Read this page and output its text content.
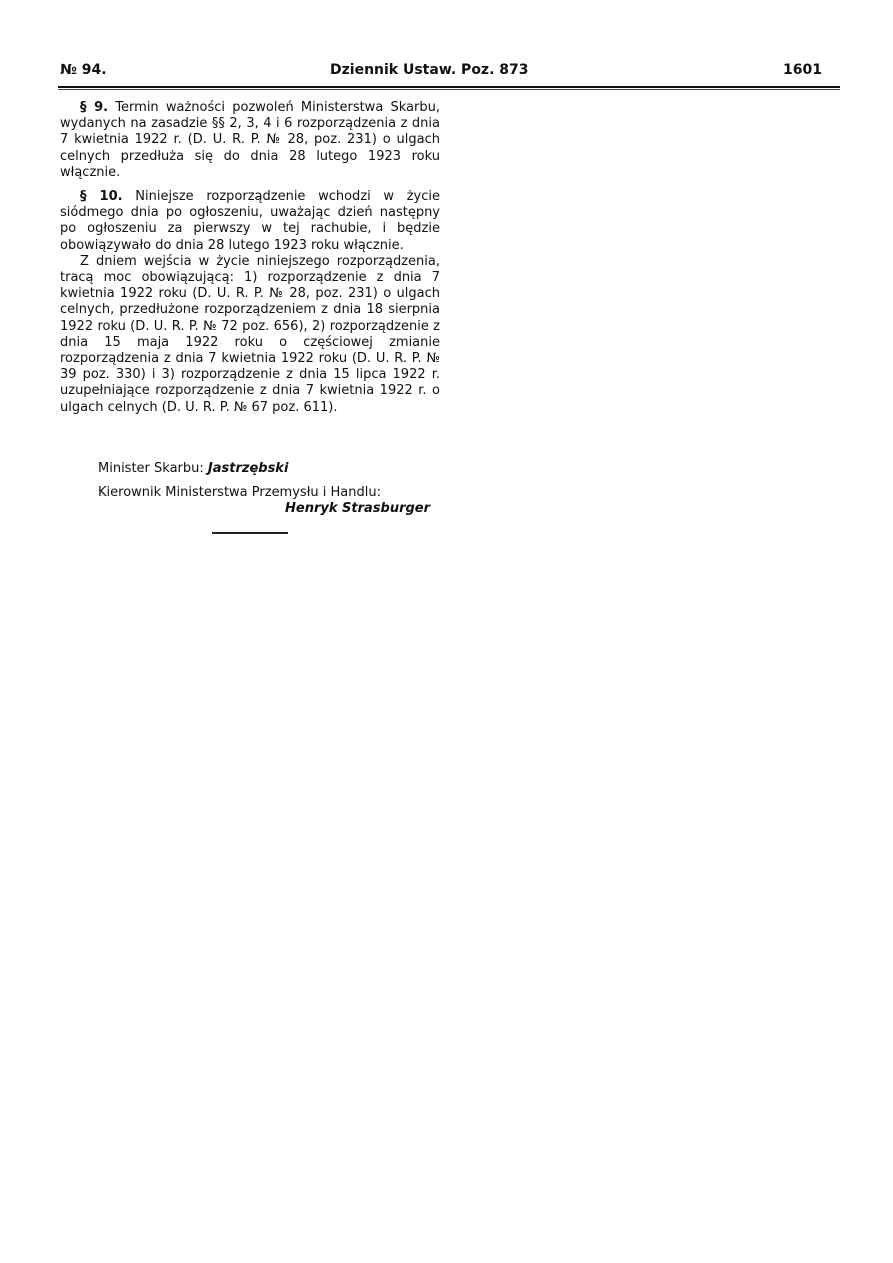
№ 94.	Dziennik Ustaw. Poz. 873	1601

§ 9. Termin ważności pozwoleń Ministerstwa Skarbu, wydanych na zasadzie §§ 2, 3, 4 i 6 rozporządzenia z dnia 7 kwietnia 1922 r. (D. U. R. P. № 28, poz. 231) o ulgach celnych przedłuża się do dnia 28 lutego 1923 roku włącznie.

§ 10. Niniejsze rozporządzenie wchodzi w życie siódmego dnia po ogłoszeniu, uważając dzień następny po ogłoszeniu za pierwszy w tej rachubie, i będzie obowiązywało do dnia 28 lutego 1923 roku włącznie.

Z dniem wejścia w życie niniejszego rozporządzenia, tracą moc obowiązującą: 1) rozporządzenie z dnia 7 kwietnia 1922 roku (D. U. R. P. № 28, poz. 231) o ulgach celnych, przedłużone rozporządzeniem z dnia 18 sierpnia 1922 roku (D. U. R. P. № 72 poz. 656), 2) rozporządzenie z dnia 15 maja 1922 roku o częściowej zmianie rozporządzenia z dnia 7 kwietnia 1922 roku (D. U. R. P. № 39 poz. 330) i 3) rozporządzenie z dnia 15 lipca 1922 r. uzupełniające rozporządzenie z dnia 7 kwietnia 1922 r. o ulgach celnych (D. U. R. P. № 67 poz. 611).

Minister Skarbu: Jastrzębski

Kierownik Ministerstwa Przemysłu i Handlu:

Henryk Strasburger
